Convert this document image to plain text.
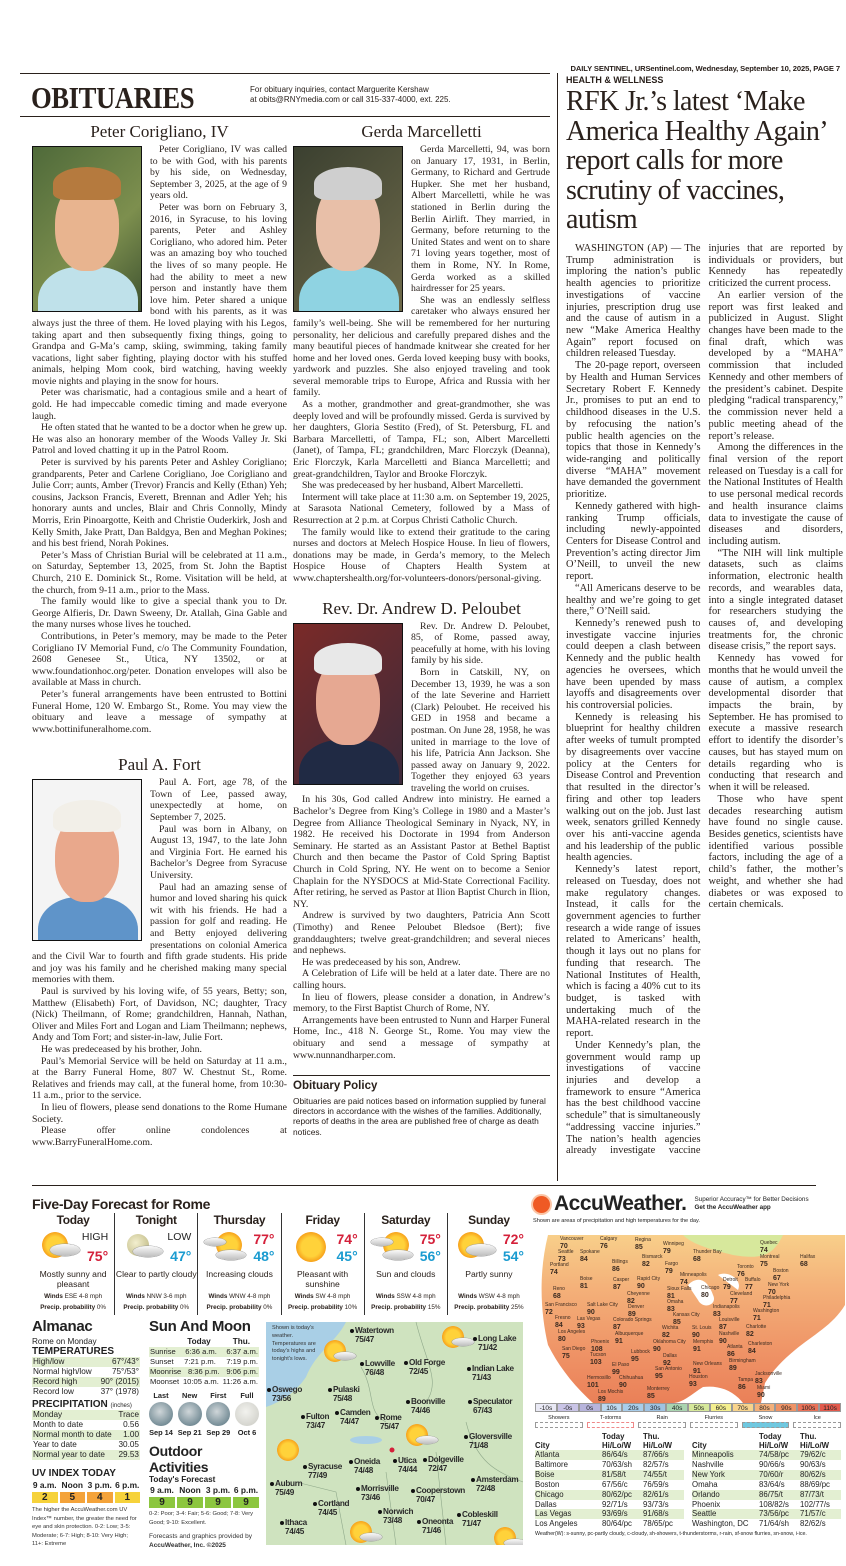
DAILY SENTINEL, URSentinel.com, Wednesday, September 10, 2025, PAGE 7
OBITUARIES	For obituary inquiries, contact Marguerite Kershaw
at obits@RNYmedia.com or call 315-337-4000, ext. 225.
Peter Corigliano, IV

Peter Corigliano, IV was called to be with God, with his parents by his side, on Wednesday, September 3, 2025, at the age of 9 years old.

Peter was born on February 3, 2016, in Syracuse, to his loving parents, Peter and Ashley Corigliano, who adored him. Peter was an amazing boy who touched the lives of so many people. He had the ability to meet a new person and instantly have them love him. Peter shared a unique bond with his parents, as it was always just the three of them. He loved playing with his Legos, taking apart and then subsequently fixing things, going to Grandpa and G-Ma’s camp, skiing, swimming, taking family vacations, light saber fighting, playing doctor with his stuffed animals, helping Mom cook, bird watching, having weekly movie nights and playing in the snow for hours.

Peter was charismatic, had a contagious smile and a heart of gold. He had impeccable comedic timing and made everyone laugh.

He often stated that he wanted to be a doctor when he grew up. He was also an honorary member of the Woods Valley Jr. Ski Patrol and loved chatting it up in the Patrol Room.

Peter is survived by his parents Peter and Ashley Corigliano; grandparents, Peter and Carlene Corigliano, Joe Corigliano and Julie Corr; aunts, Amber (Trevor) Francis and Kelly (Ethan) Yeh; cousins, Jackson Francis, Everett, Brennan and Adler Yeh; his honorary aunts and uncles, Blair and Chris Connolly, Mindy Morris, Erin Pinoargotte, Keith and Christie Ouderkirk, Josh and Kelly Smith, Jake Pratt, Dan Baldgya, Ben and Meghan Pokines; and his best friend, Norah Pokines.

Peter’s Mass of Christian Burial will be celebrated at 11 a.m., on Saturday, September 13, 2025, from St. John the Baptist Church, 210 E. Dominick St., Rome. Visitation will be held, at the church, from 9-11 a.m., prior to the Mass.

The family would like to give a special thank you to Dr. George Alfieris, Dr. Dawn Sweeny, Dr. Atallah, Gina Gable and the many nurses whose lives he touched.

Contributions, in Peter’s memory, may be made to the Peter Corigliano IV Memorial Fund, c/o The Community Foundation, 2608 Genesee St., Utica, NY 13502, or at www.foundationhoc.org/peter. Donation envelopes will also be available at Mass in church.

Peter’s funeral arrangements have been entrusted to Bottini Funeral Home, 120 W. Embargo St., Rome. You may view the obituary and leave a message of sympathy at www.bottinifuneralhome.com.

Paul A. Fort

Paul A. Fort, age 78, of the Town of Lee, passed away, unexpectedly at home, on September 7, 2025.

Paul was born in Albany, on August 13, 1947, to the late John and Virginia Fort. He earned his Bachelor’s Degree from Syracuse University.

Paul had an amazing sense of humor and loved sharing his quick wit with his friends. He had a passion for golf and reading. He and Betty enjoyed delivering presentations on colonial America and the Civil War to fourth and fifth grade students. His pride and joy was his family and he cherished making many special memories with them.

Paul is survived by his loving wife, of 55 years, Betty; son, Matthew (Elisabeth) Fort, of Davidson, NC; daughter, Tracy (Nick) Theilmann, of Rome; grandchildren, Hannah, Nathan, Oliver and Miles Fort and Logan and Liam Theilmann; nephews, Andy and Tom Fort; and sister-in-law, Julie Fort.

He was predeceased by his brother, John.

Paul’s Memorial Service will be held on Saturday at 11 a.m., at the Barry Funeral Home, 807 W. Chestnut St., Rome. Relatives and friends may call, at the funeral home, from 10:30- 11 a.m., prior to the service.

In lieu of flowers, please send donations to the Rome Humane Society.

Please offer online condolences at www.BarryFuneralHome.com.

Gerda Marcelletti

Gerda Marcelletti, 94, was born on January 17, 1931, in Berlin, Germany, to Richard and Gertrude Hupker. She met her husband, Albert Marcelletti, while he was stationed in Berlin during the Berlin Airlift. They married, in Germany, before returning to the United States and went on to share 71 loving years together, most of them in Rome, NY. In Rome, Gerda worked as a skilled hairdresser for 25 years.

She was an endlessly selfless caretaker who always ensured her family’s well-being. She will be remembered for her nurturing personality, her delicious and carefully prepared dishes and the many beautiful pieces of handmade knitwear she created for her home and her loved ones. Gerda loved keeping busy with books, yardwork and puzzles. She also enjoyed traveling and took several memorable trips to Europe, Africa and Russia with her family.

As a mother, grandmother and great-grandmother, she was deeply loved and will be profoundly missed. Gerda is survived by her daughters, Gloria Sestito (Fred), of St. Petersburg, FL and Barbara Marcelletti, of Tampa, FL; son, Albert Marcelletti (Janet), of Tampa, FL; grandchildren, Marc Florczyk (Deanna), Eric Florczyk, Karla Marcelletti and Bianca Marcelletti; and great-grandchildren, Taylor and Brooke Florczyk.

She was predeceased by her husband, Albert Marcelletti.

Interment will take place at 11:30 a.m. on September 19, 2025, at Sarasota National Cemetery, followed by a Mass of Resurrection at 2 p.m. at Corpus Christi Catholic Church.

The family would like to extend their gratitude to the caring nurses and doctors at Melech Hospice House. In lieu of flowers, donations may be made, in Gerda’s memory, to the Melech Hospice House of Chapters Health System at www.chaptershealth.org/for-volunteers-donors/personal-giving.

Rev. Dr. Andrew D. Peloubet

Rev. Dr. Andrew D. Peloubet, 85, of Rome, passed away, peacefully at home, with his loving family by his side.

Born in Catskill, NY, on December 13, 1939, he was a son of the late Severine and Harriett (Clark) Peloubet. He received his GED in 1958 and became a postman. On June 28, 1958, he was united in marriage to the love of his life, Patricia Ann Jackson. She passed away on January 9, 2022. Together they enjoyed 63 years traveling the world on cruises.

In his 30s, God called Andrew into ministry. He earned a Bachelor’s Degree from King’s College in 1980 and a Master’s Degree from Alliance Theological Seminary in Nyack, NY, in 1982. He received his Doctorate in 1994 from Anderson Seminary. He started as an Assistant Pastor at Bethel Baptist Church and then became the Pastor of Cold Spring Baptist Church in Cold Spring, NY. He went on to become a Senior Chaplain for the NYSDOCS at Mid-State Correctional Facility. After retiring, he served as Pastor at Ilion Baptist Church in Ilion, NY.

Andrew is survived by two daughters, Patricia Ann Scott (Timothy) and Renee Peloubet Bledsoe (Bert); five granddaughters; twelve great-grandchildren; and several nieces and nephews.

He was predeceased by his son, Andrew.

A Celebration of Life will be held at a later date. There are no calling hours.

In lieu of flowers, please consider a donation, in Andrew’s memory, to the First Baptist Church of Rome, NY.

Arrangements have been entrusted to Nunn and Harper Funeral Home, Inc., 418 N. George St., Rome. You may view the obituary and send a message of sympathy at www.nunnandharper.com.

Obituary Policy

Obituaries are paid notices based on information supplied by funeral directors in accordance with the wishes of the families. Additionally, reports of deaths in the area are published free of charge as death notices.

HEALTH & WELLNESS
RFK Jr.’s latest ‘Make America Healthy Again’ report calls for more scrutiny of vaccines, autism

WASHINGTON (AP) — The Trump administration is imploring the nation’s public health agencies to prioritize investigations of vaccine injuries, prescription drug use and the cause of autism in a new “Make America Healthy Again” report focused on children released Tuesday.

The 20-page report, overseen by Health and Human Services Secretary Robert F. Kennedy Jr., promises to put an end to childhood diseases in the U.S. by refocusing the nation’s public health agencies on the topics that those in Kennedy’s wide-ranging and politically diverse “MAHA” movement have demanded the government prioritize.

Kennedy gathered with high-ranking Trump officials, including newly-appointed Centers for Disease Control and Prevention’s acting director Jim O’Neill, to unveil the new report.

“All Americans deserve to be healthy and we’re going to get there,” O’Neill said.

Kennedy’s renewed push to investigate vaccine injuries could deepen a clash between Kennedy and the public health agencies he oversees, which have been upended by mass layoffs and disagreements over his controversial policies.

Kennedy is releasing his blueprint for healthy children after weeks of tumult prompted by disagreements over vaccine policy at the Centers for Disease Control and Prevention that resulted in the director’s firing and other top leaders walking out on the job. Just last week, senators grilled Kennedy over his anti-vaccine agenda and his leadership of the public health agencies.

Kennedy’s latest report, released on Tuesday, does not make regulatory changes. Instead, it calls for the government agencies to further research a wide range of issues related to Americans’ health, though it lays out no plans for funding that research. The National Institutes of Health, which is facing a 40% cut to its budget, is tasked with undertaking much of the MAHA-related research in the report.

Under Kennedy’s plan, the government would ramp up investigations of vaccine injuries and develop a framework to ensure “America has the best childhood vaccine schedule” that is simultaneously “addressing vaccine injuries.” The nation’s health agencies already investigate vaccine injuries that are reported by individuals or providers, but Kennedy has repeatedly criticized the current process.

An earlier version of the report was first leaked and publicized in August. Slight changes have been made to the final draft, which was developed by a “MAHA” commission that included Kennedy and other members of the president’s cabinet. Despite pledging “radical transparency,” the commission never held a public meeting ahead of the report’s release.

Among the differences in the final version of the report released on Tuesday is a call for the National Institutes of Health to use personal medical records and health insurance claims data to investigate the cause of diseases and disorders, including autism.

“The NIH will link multiple datasets, such as claims information, electronic health records, and wearables data, into a single integrated dataset for researchers studying the causes of, and developing treatments for, the chronic disease crisis,” the report says.

Kennedy has vowed for months that he would unveil the cause of autism, a complex developmental disorder that impacts the brain, by September. He has promised to execute a massive research effort to identify the disorder’s causes, but has stayed mum on details regarding who is conducting that research and when it will be released.

Those who have spent decades researching autism have found no single cause. Besides genetics, scientists have identified various possible factors, including the age of a child’s father, the mother’s weight, and whether she had diabetes or was exposed to certain chemicals.

Five-Day Forecast for Rome
Today
HIGH
75°
Mostly sunny and pleasant
Winds ESE 4-8 mph
Precip. probability 0%
Tonight
LOW
47°
Clear to partly cloudy
Winds NNW 3-6 mph
Precip. probability 0%
Thursday
77°
48°
Increasing clouds
Winds WNW 4-8 mph
Precip. probability 0%
Friday
74°
45°
Pleasant with sunshine
Winds SW 4-8 mph
Precip. probability 10%
Saturday
75°
56°
Sun and clouds
Winds SSW 4-8 mph
Precip. probability 15%
Sunday
72°
54°
Partly sunny
Winds WSW 4-8 mph
Precip. probability 25%
Almanac
Rome on Monday
TEMPERATURES
High/low	67°/43°
Normal high/low 75°/53°
Record high	90° (2015)
Record low	37° (1978)
PRECIPITATION (inches)
Monday	Trace
Month to date	0.56
Normal month to date 1.00
Year to date	30.05
Normal year to date 29.53
UV INDEX TODAY
9 a.m. Noon 3 p.m. 6 p.m.
2	5	4	1
The higher the AccuWeather.com UV Index™ number, the greater the need for eye and skin protection. 0-2: Low; 3-5: Moderate; 6-7: High; 8-10: Very High; 11+: Extreme
Sun And Moon
Today	Thu.
Sunrise 6:36 a.m. 6:37 a.m.
Sunset 7:21 p.m. 7:19 p.m.
Moonrise 8:36 p.m. 9:06 p.m.
Moonset 10:05 a.m. 11:26 a.m.
Last
Sep 14
New
Sep 21
First
Sep 29
Full
Oct 6
Outdoor Activities
Today's Forecast
9 a.m. Noon 3 p.m. 6 p.m.
9	9	9	9
0-2: Poor; 3-4: Fair; 5-6: Good; 7-8: Very Good; 9-10: Excellent.
Forecasts and graphics provided by
AccuWeather, Inc. ©2025
Shown is today's weather. Temperatures are today's highs and tonight's lows.
Watertown
75/47	Long Lake
71/42
Lowville
76/48
Old Forge
72/45	Indian Lake
71/43
Oswego
73/56
Pulaski
75/48	Boonville
74/46
Speculator
67/43
Fulton
73/47
Camden
74/47	Rome
75/47
Gloversville
71/48
Syracuse
77/49
Oneida
74/48
Utica
74/44
Dolgeville
72/47
Auburn
75/49
Amsterdam
72/48
Morrisville
73/46
Cooperstown
70/47
Cortland
74/45	Norwich
73/48	Oneonta
71/46
Cobleskill
71/47
Ithaca
74/45
AccuWeather. Superior Accuracy™ for Better Decisions
Get the AccuWeather app
Shown are areas of precipitation and high temperatures for the day.
Vancouver
70
Calgary
76
Regina
85	Winnipeg
79
Quebec
74
Seattle
73
Spokane
84
Thunder Bay
68	Halifax
68
Billings
86
Bismarck
82
Montreal
75
Portland
74
Fargo
79
Toronto
76	Boston
67
Boise
81
Casper
87
Rapid City
90
Minneapolis
74	Detroit
79
Buffalo
77
Reno
68
Sioux Falls
81
Chicago
80
New York
70
Cheyenne
82
Cleveland
77	Philadelphia
71
San Francisco
72
Salt Lake City
90
Denver
89
Omaha
83	Indianapolis
83	Washington
71
Kansas City
85
Fresno
84
Las Vegas
93
Colorado Springs
87	St. Louis
90
Louisville
87
Los Angeles
80
Wichita
82
Charlotte
82
Albuquerque
91
Nashville
90
Phoenix
108
Oklahoma City
90
Memphis
91	Atlanta
86
Charleston
84
San Diego
75
Lubbock
95	Dallas
92	Birmingham
89
Tucson
103	El Paso
99	San Antonio
95	Houston
93
New Orleans
91	Jacksonville
83
Hermosillo
101
Chihuahua
90
Tampa
86	Miami
90
Los Mochis
89
Monterrey
85
-10s	-0s	0s	10s	20s	30s	40s	50s	60s	70s	80s	90s	100s	110s
Showers	T-storms	Rain	Flurries	Snow	Ice
Today	Thu.
City	Hi/Lo/W	Hi/Lo/W
Atlanta	86/64/s	87/66/s
Baltimore	70/63/sh	82/57/s
Boise	81/58/t	74/55/t
Boston	67/56/c	76/59/s
Chicago	80/62/pc	82/61/s
Dallas	92/71/s	93/73/s
Las Vegas	93/69/s	91/68/s
Los Angeles	80/64/pc	78/65/pc
Today	Thu.
City	Hi/Lo/W	Hi/Lo/W
Minneapolis	74/58/pc	79/62/c
Nashville	90/66/s	90/63/s
New York	70/60/r	80/62/s
Omaha	83/64/s	88/69/pc
Orlando	86/75/t	87/73/t
Phoenix	108/82/s	102/77/s
Seattle	73/56/pc	71/57/c
Washington, DC	71/64/sh	82/62/s
Weather(W): s-sunny, pc-partly cloudy, c-cloudy, sh-showers, t-thunderstorms, r-rain, sf-snow flurries, sn-snow, i-ice.
